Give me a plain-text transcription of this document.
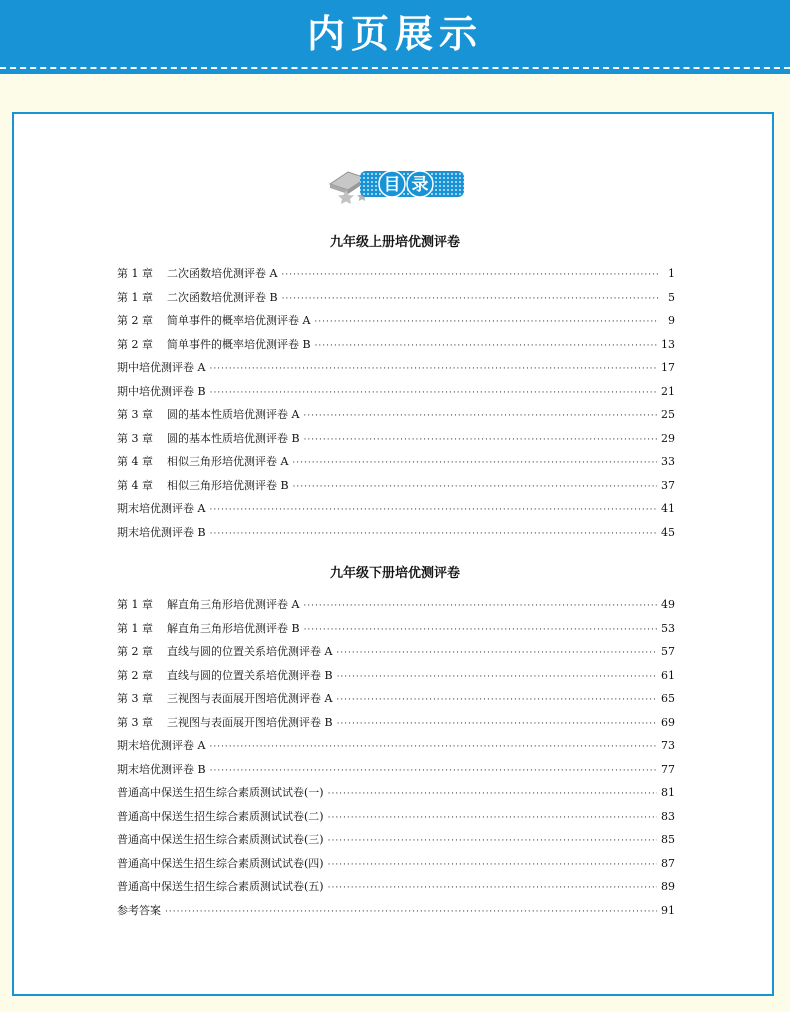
内页展示
目 录
九年级上册培优测评卷
第 1 章    二次函数培优测评卷 A ·····	1
第 1 章    二次函数培优测评卷 B ·····	5
第 2 章    简单事件的概率培优测评卷 A ·····	9
第 2 章    简单事件的概率培优测评卷 B ·····	13
期中培优测评卷 A ·····	17
期中培优测评卷 B ·····	21
第 3 章    圆的基本性质培优测评卷 A ·····	25
第 3 章    圆的基本性质培优测评卷 B ·····	29
第 4 章    相似三角形培优测评卷 A ·····	33
第 4 章    相似三角形培优测评卷 B ·····	37
期末培优测评卷 A ·····	41
期末培优测评卷 B ·····	45
九年级下册培优测评卷
第 1 章    解直角三角形培优测评卷 A ·····	49
第 1 章    解直角三角形培优测评卷 B ·····	53
第 2 章    直线与圆的位置关系培优测评卷 A ·····	57
第 2 章    直线与圆的位置关系培优测评卷 B ·····	61
第 3 章    三视图与表面展开图培优测评卷 A ·····	65
第 3 章    三视图与表面展开图培优测评卷 B ·····	69
期末培优测评卷 A ·····	73
期末培优测评卷 B ·····	77
普通高中保送生招生综合素质测试试卷(一) ·····	81
普通高中保送生招生综合素质测试试卷(二) ·····	83
普通高中保送生招生综合素质测试试卷(三) ·····	85
普通高中保送生招生综合素质测试试卷(四) ·····	87
普通高中保送生招生综合素质测试试卷(五) ·····	89
参考答案 ·····	91
